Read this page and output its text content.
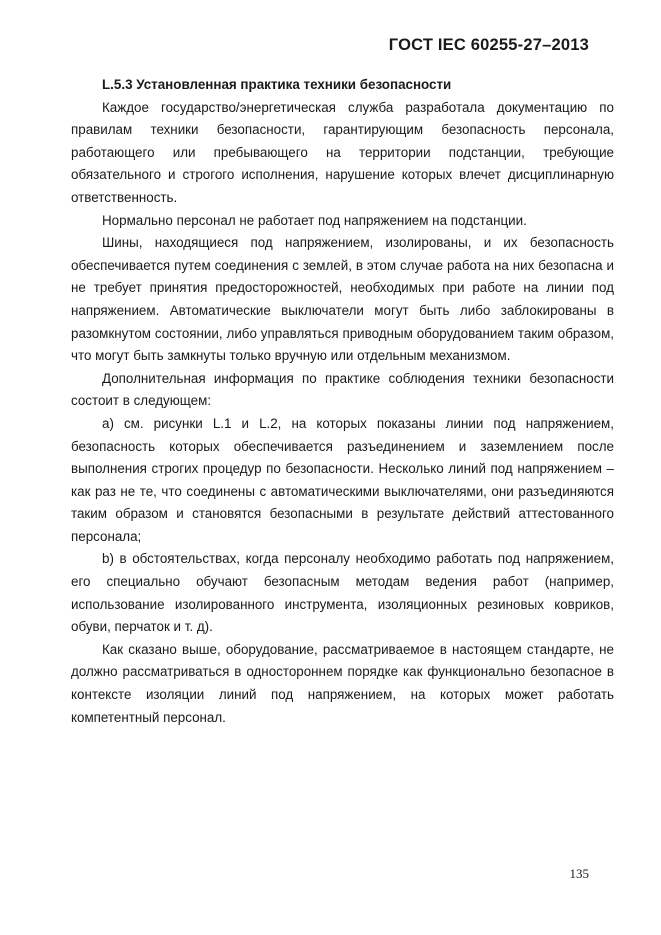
ГОСТ IEC 60255-27–2013

L.5.3 Установленная практика техники безопасности

Каждое государство/энергетическая служба разработала документацию по правилам техники безопасности, гарантирующим безопасность персонала, работающего или пребывающего на территории подстанции, требующие обязательного и строгого исполнения, нарушение которых влечет дисциплинарную ответственность.

Нормально персонал не работает под напряжением на подстанции.

Шины, находящиеся под напряжением, изолированы, и их безопасность обеспечивается путем соединения с землей, в этом случае работа на них безопасна и не требует принятия предосторожностей, необходимых при работе на линии под напряжением. Автоматические выключатели могут быть либо заблокированы в разомкнутом состоянии, либо управляться приводным оборудованием таким образом, что могут быть замкнуты только вручную или отдельным механизмом.

Дополнительная информация по практике соблюдения техники безопасности состоит в следующем:

a) см. рисунки L.1 и L.2, на которых показаны линии под напряжением, безопасность которых обеспечивается разъединением и заземлением после выполнения строгих процедур по безопасности. Несколько линий под напряжением – как раз не те, что соединены с автоматическими выключателями, они разъединяются таким образом и становятся безопасными в результате действий аттестованного персонала;

b) в обстоятельствах, когда персоналу необходимо работать под напряжением, его специально обучают безопасным методам ведения работ (например, использование изолированного инструмента, изоляционных резиновых ковриков, обуви, перчаток и т. д).

Как сказано выше, оборудование, рассматриваемое в настоящем стандарте, не должно рассматриваться в одностороннем порядке как функционально безопасное в контексте изоляции линий под напряжением, на которых может работать компетентный персонал.

135
